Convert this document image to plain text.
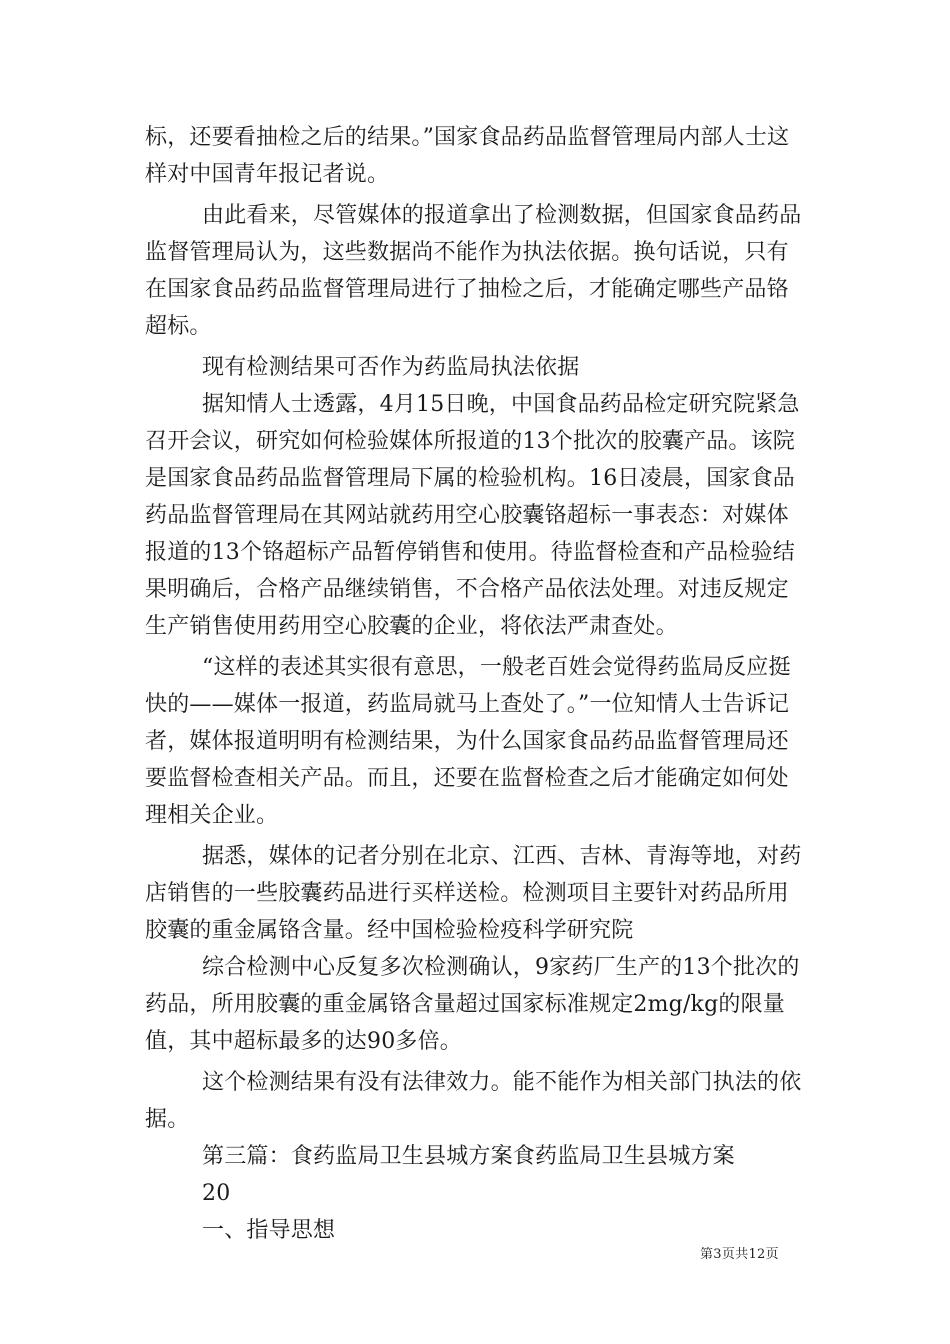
标，还要看抽检之后的结果。”国家食品药品监督管理局内部人士这样对中国青年报记者说。

由此看来，尽管媒体的报道拿出了检测数据，但国家食品药品监督管理局认为，这些数据尚不能作为执法依据。换句话说，只有在国家食品药品监督管理局进行了抽检之后，才能确定哪些产品铬超标。

现有检测结果可否作为药监局执法依据

据知情人士透露，4月15日晚，中国食品药品检定研究院紧急召开会议，研究如何检验媒体所报道的13个批次的胶囊产品。该院是国家食品药品监督管理局下属的检验机构。16日凌晨，国家食品药品监督管理局在其网站就药用空心胶囊铬超标一事表态：对媒体报道的13个铬超标产品暂停销售和使用。待监督检查和产品检验结果明确后，合格产品继续销售，不合格产品依法处理。对违反规定生产销售使用药用空心胶囊的企业，将依法严肃查处。

“这样的表述其实很有意思，一般老百姓会觉得药监局反应挺快的——媒体一报道，药监局就马上查处了。”一位知情人士告诉记者，媒体报道明明有检测结果，为什么国家食品药品监督管理局还要监督检查相关产品。而且，还要在监督检查之后才能确定如何处理相关企业。

据悉，媒体的记者分别在北京、江西、吉林、青海等地，对药店销售的一些胶囊药品进行买样送检。检测项目主要针对药品所用胶囊的重金属铬含量。经中国检验检疫科学研究院

综合检测中心反复多次检测确认，9家药厂生产的13个批次的药品，所用胶囊的重金属铬含量超过国家标准规定2mg/kg的限量值，其中超标最多的达90多倍。

这个检测结果有没有法律效力。能不能作为相关部门执法的依据。

第三篇：食药监局卫生县城方案食药监局卫生县城方案

20

一、指导思想

第3页共12页
